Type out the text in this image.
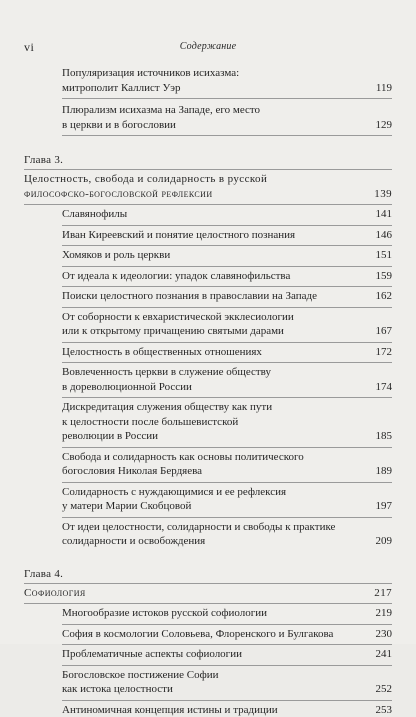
vi	Содержание
Популяризация источников исихазма:
митрополит Каллист Уэр	119
Плюрализм исихазма на Западе, его место
в церкви и в богословии	129
Глава 3.
Целостность, свобода и солидарность в русской
философско-богословской рефлексии	139
Славянофилы	141
Иван Киреевский и понятие целостного познания	146
Хомяков и роль церкви	151
От идеала к идеологии: упадок славянофильства	159
Поиски целостного познания в православии на Западе	162
От соборности к евхаристической экклесиологии
или к открытому причащению святыми дарами	167
Целостность в общественных отношениях	172
Вовлеченность церкви в служение обществу
в дореволюционной России	174
Дискредитация служения обществу как пути
к целостности после большевистской
революции в России	185
Свобода и солидарность как основы политического
богословия Николая Бердяева	189
Солидарность с нуждающимися и ее рефлексия
у матери Марии Скобцовой	197
От идеи целостности, солидарности и свободы к практике
солидарности и освобождения	209
Глава 4.
Софиология	217
Многообразие истоков русской софиологии	219
София в космологии Соловьева, Флоренского и Булгакова	230
Проблематичные аспекты софиологии	241
Богословское постижение Софии
как истока целостности	252
Антиномичная концепция истины и традиции	253
